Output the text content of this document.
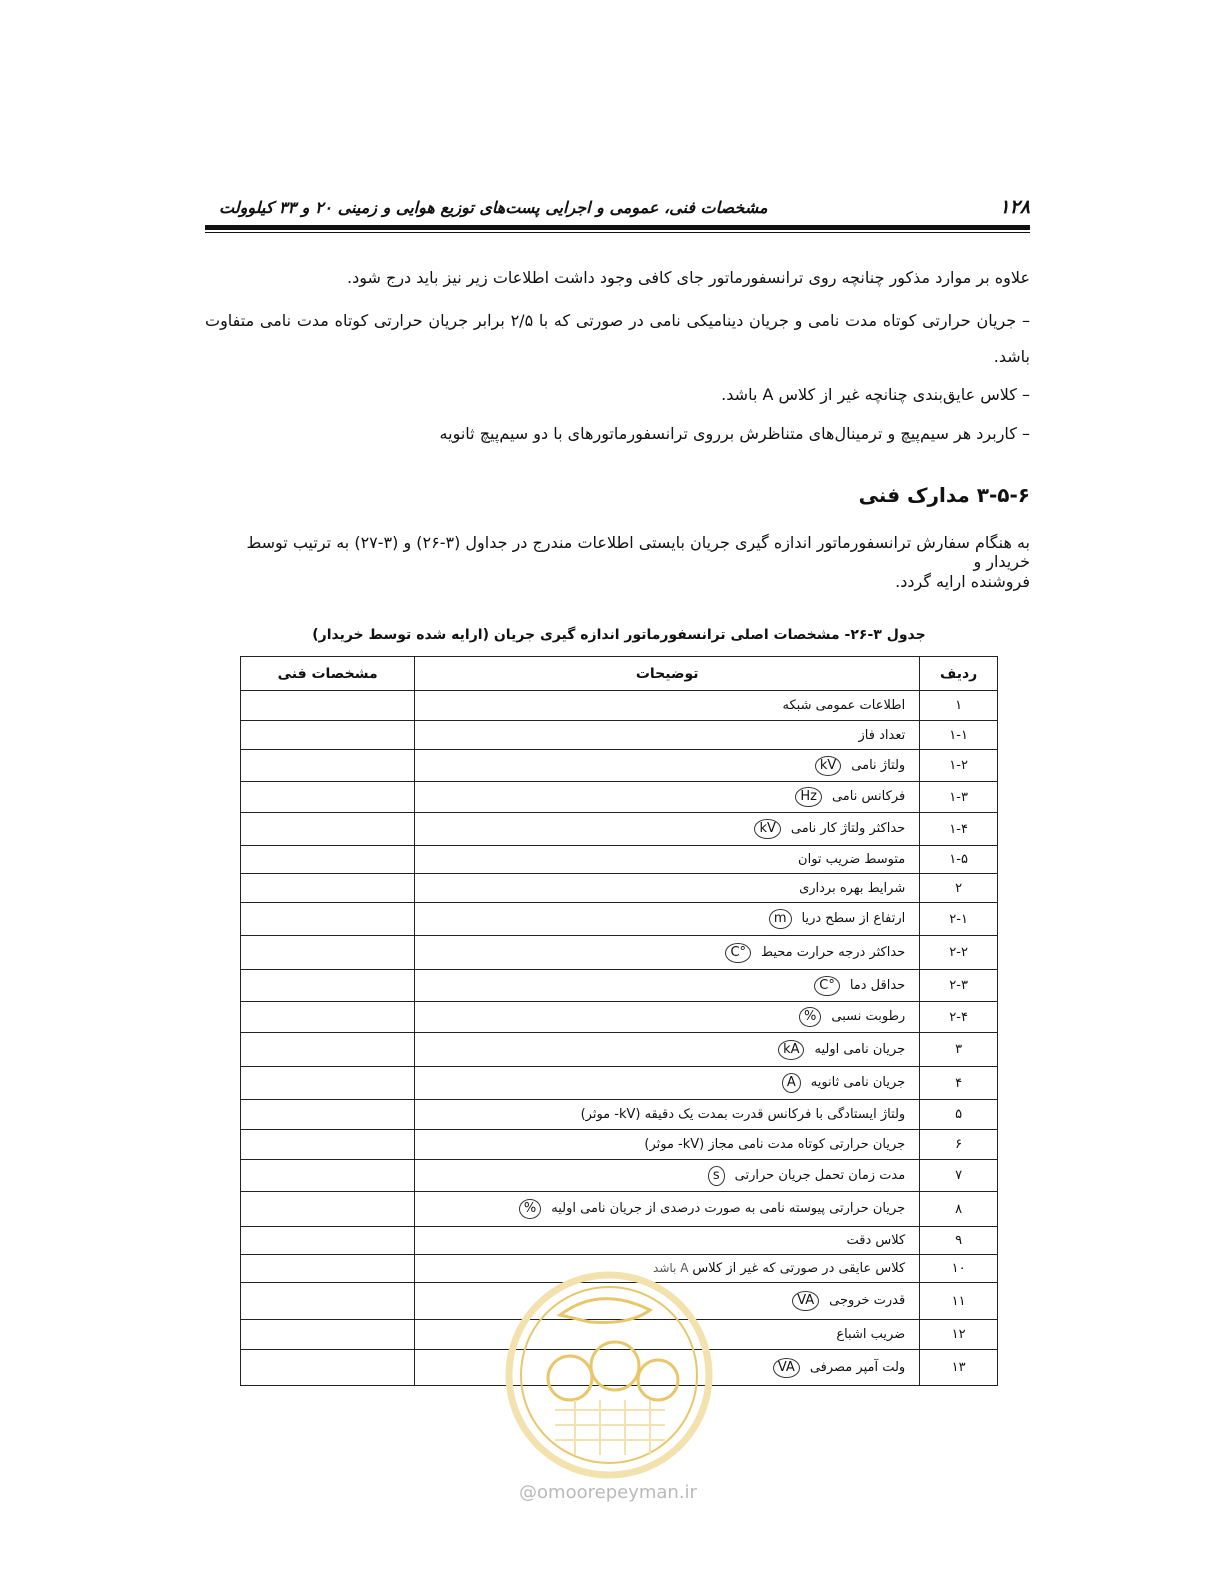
۱۲۸
مشخصات فنی، عمومی و اجرایی پست‌های توزیع هوایی و زمینی ۲۰ و ۳۳ کیلوولت
علاوه بر موارد مذکور چنانچه روی ترانسفورماتور جای کافی وجود داشت اطلاعات زیر نیز باید درج شود.
– جریان حرارتی کوتاه مدت نامی و جریان دینامیکی نامی در صورتی که با ۲/۵ برابر جریان حرارتی کوتاه مدت نامی متفاوت
باشد.
– کلاس عایق‌بندی چنانچه غیر از کلاس A باشد.
– کاربرد هر سیم‌پیچ و ترمینال‌های متناظرش برروی ترانسفورماتورهای با دو سیم‌پیچ ثانویه
۳-۵-۶ مدارک فنی
به هنگام سفارش ترانسفورماتور اندازه گیری جریان بایستی اطلاعات مندرج در جداول (۳-۲۶) و (۳-۲۷) به ترتیب توسط خریدار و
فروشنده ارایه گردد.
جدول ۳-۲۶- مشخصات اصلی ترانسفورماتور اندازه گیری جریان (ارایه شده توسط خریدار)
ردیف	توضیحات	مشخصات فنی
۱	اطلاعات عمومی شبکه	
۱-۱	تعداد فاز	
۱-۲	ولتاژ نامیkV	
۱-۳	فرکانس نامیHz	
۱-۴	حداکثر ولتاژ کار نامیkV	
۱-۵	متوسط ضریب توان	
۲	شرایط بهره برداری	
۲-۱	ارتفاع از سطح دریاm	
۲-۲	حداکثر درجه حرارت محیط°C	
۲-۳	حداقل دما°C	
۲-۴	رطوبت نسبی%	
۳	جریان نامی اولیهkA	
۴	جریان نامی ثانویهA	
۵	ولتاژ ایستادگی با فرکانس قدرت بمدت یک دقیقه (kV- موثر)	
۶	جریان حرارتی کوتاه مدت نامی مجاز (kV- موثر)	
۷	مدت زمان تحمل جریان حرارتیs	
۸	جریان حرارتی پیوسته نامی به صورت درصدی از جریان نامی اولیه%	
۹	کلاس دقت	
۱۰	کلاس عایقی در صورتی که غیر از کلاسA باشد	
۱۱	قدرت خروجیVA	
۱۲	ضریب اشباع	
۱۳	ولت آمپر مصرفیVA	
@omoorepeyman.ir
